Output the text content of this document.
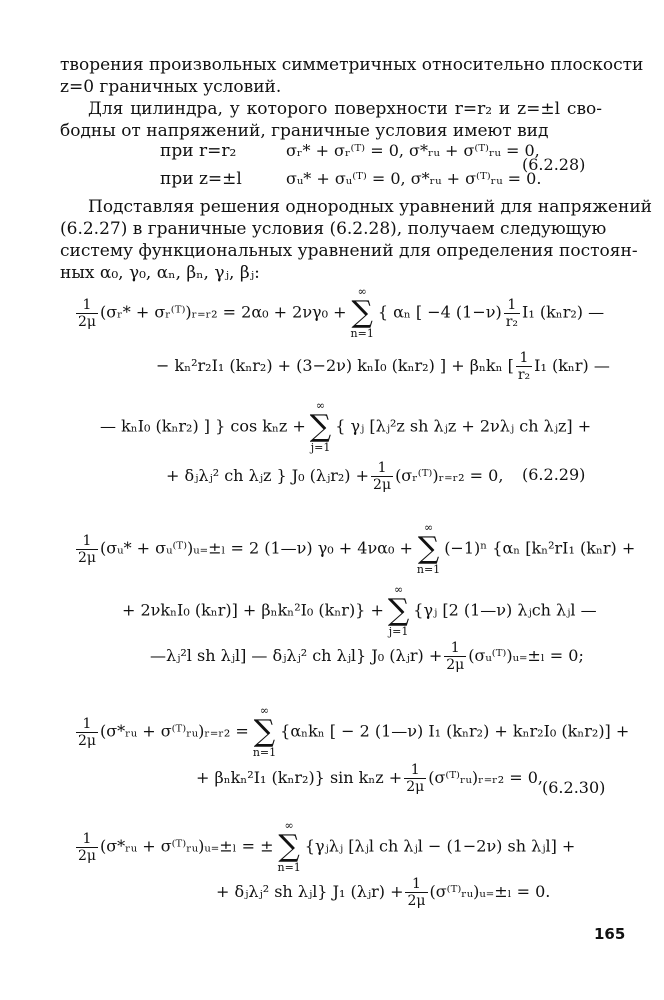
творения произвольных симметричных относительно плоскости
z=0 граничных условий.
Для цилиндра, у которого поверхности r=r₂ и z=±l сво-
бодны от напряжений, граничные условия имеют вид
при r=r₂	σᵣ* + σᵣ⁽ᵀ⁾ = 0, σ*ᵣᵤ + σ⁽ᵀ⁾ᵣᵤ = 0,
при z=±l	σᵤ* + σᵤ⁽ᵀ⁾ = 0, σ*ᵣᵤ + σ⁽ᵀ⁾ᵣᵤ = 0.
(6.2.28)
Подставляя решения однородных уравнений для напряжений
(6.2.27) в граничные условия (6.2.28), получаем следующую
систему функциональных уравнений для определения постоян-
ных α₀, γ₀, αₙ, βₙ, γⱼ, βⱼ:
$\frac{1}{2\mu}$ (σᵣ* + σᵣ⁽ᵀ⁾)ᵣ₌ᵣ₂ = 2α₀ + 2νγ₀ +∞
∑
n=1{ αₙ [ −4 $(1-\nu) \frac{1}{\text{r₂}} I_1$ (kₙr₂) —
− kₙ²r₂I₁ (kₙr₂) + (3−2ν) kₙI₀ (kₙr₂) ] + βₙkₙ [ $\frac{1}{\text{r₂}} I_1$ (kₙr) —
— kₙI₀ (kₙr₂) ] } cos kₙz +∞
∑
j=1{ γⱼ [λⱼ²z sh λⱼz + 2νλⱼ ch λⱼz] +
+ δⱼλⱼ² ch λⱼz } J₀ (λⱼr₂) + $\frac{1}{2\mu}$ (σᵣ⁽ᵀ⁾)ᵣ₌ᵣ₂ = 0, (6.2.29)
$\frac{1}{2\mu}$ (σᵤ* + σᵤ⁽ᵀ⁾)ᵤ₌±ₗ = 2 (1—ν) γ₀ + 4να₀ +∞
∑
n=1(−1)ⁿ {αₙ [kₙ²rI₁ (kₙr) +
+ 2νkₙI₀ (kₙr)] + βₙkₙ²I₀ (kₙr)} +∞
∑
j=1{γⱼ [2 (1—ν) λⱼch λⱼl —
—λⱼ²l sh λⱼl] — δⱼλⱼ² ch λⱼl} J₀ (λⱼr) + $\frac{1}{2\mu}$ (σᵤ⁽ᵀ⁾)ᵤ₌±ₗ = 0;
$\frac{1}{2\mu}$ (σ*ᵣᵤ + σ⁽ᵀ⁾ᵣᵤ)ᵣ₌ᵣ₂ =∞
∑
n=1{αₙkₙ [ − 2 (1—ν) I₁ (kₙr₂) + kₙr₂I₀ (kₙr₂)] +
+ βₙkₙ²I₁ (kₙr₂)} $\sin k_nz + \frac{1}{2\mu}$ (σ⁽ᵀ⁾ᵣᵤ)ᵣ₌ᵣ₂ = 0,
(6.2.30)
$\frac{1}{2\mu}$ (σ*ᵣᵤ + σ⁽ᵀ⁾ᵣᵤ)ᵤ₌±ₗ = ±∞
∑
n=1{γⱼλⱼ [λⱼl ch λⱼl − (1−2ν) sh λⱼl] +
+ δⱼλⱼ² sh λⱼl} J₁ (λⱼr) + $\frac{1}{2\mu}$ (σ⁽ᵀ⁾ᵣᵤ)ᵤ₌±ₗ = 0.
165
